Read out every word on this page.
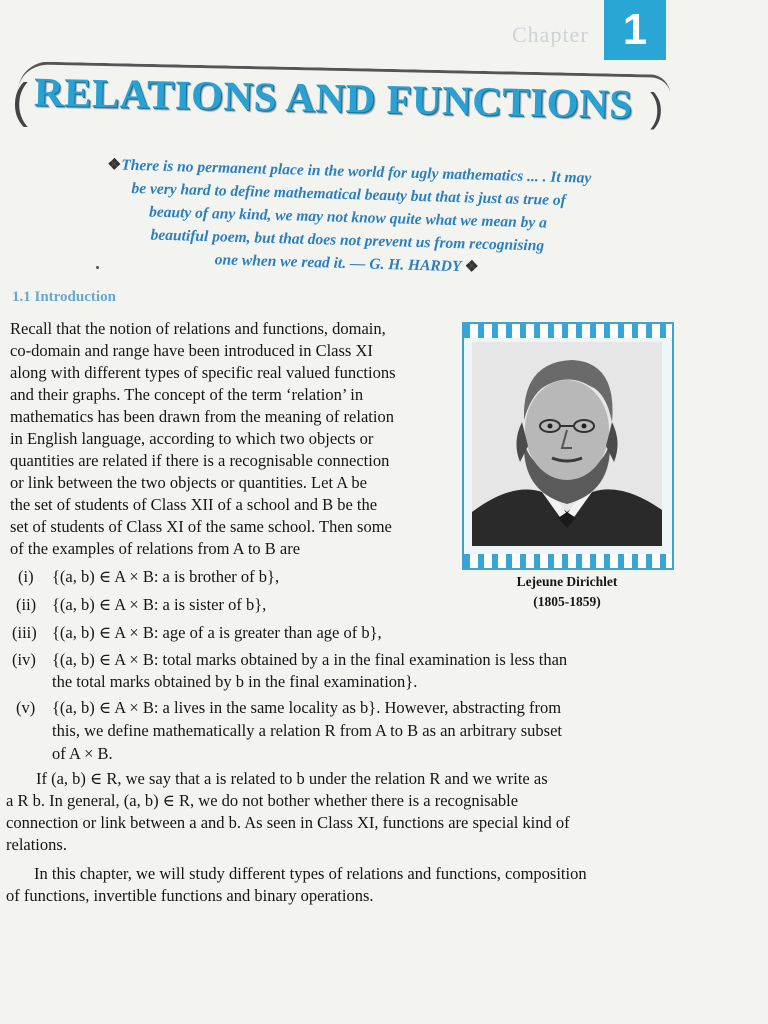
Chapter 1
(	)
RELATIONS AND FUNCTIONS
❖There is no permanent place in the world for ugly mathematics ... . It may
be very hard to define mathematical beauty but that is just as true of
beauty of any kind, we may not know quite what we mean by a
beautiful poem, but that does not prevent us from recognising
one when we read it. — G. H. HARDY ❖
1.1 Introduction
Recall that the notion of relations and functions, domain,
co-domain and range have been introduced in Class XI
along with different types of specific real valued functions
and their graphs. The concept of the term ‘relation’ in
mathematics has been drawn from the meaning of relation
in English language, according to which two objects or
quantities are related if there is a recognisable connection
or link between the two objects or quantities. Let A be
the set of students of Class XII of a school and B be the
set of students of Class XI of the same school. Then some
of the examples of relations from A to B are
Lejeune Dirichlet
(1805-1859)
(i)	{(a, b) ∈ A × B: a is brother of b},
(ii) {(a, b) ∈ A × B: a is sister of b},
(iii) {(a, b) ∈ A × B: age of a is greater than age of b},
(iv) {(a, b) ∈ A × B: total marks obtained by a in the final examination is less than
the total marks obtained by b in the final examination}.
(v)	{(a, b) ∈ A × B: a lives in the same locality as b}. However, abstracting from
this, we define mathematically a relation R from A to B as an arbitrary subset
of A × B.
If (a, b) ∈ R, we say that a is related to b under the relation R and we write as
a R b. In general, (a, b) ∈ R, we do not bother whether there is a recognisable
connection or link between a and b. As seen in Class XI, functions are special kind of
relations.
In this chapter, we will study different types of relations and functions, composition
of functions, invertible functions and binary operations.
